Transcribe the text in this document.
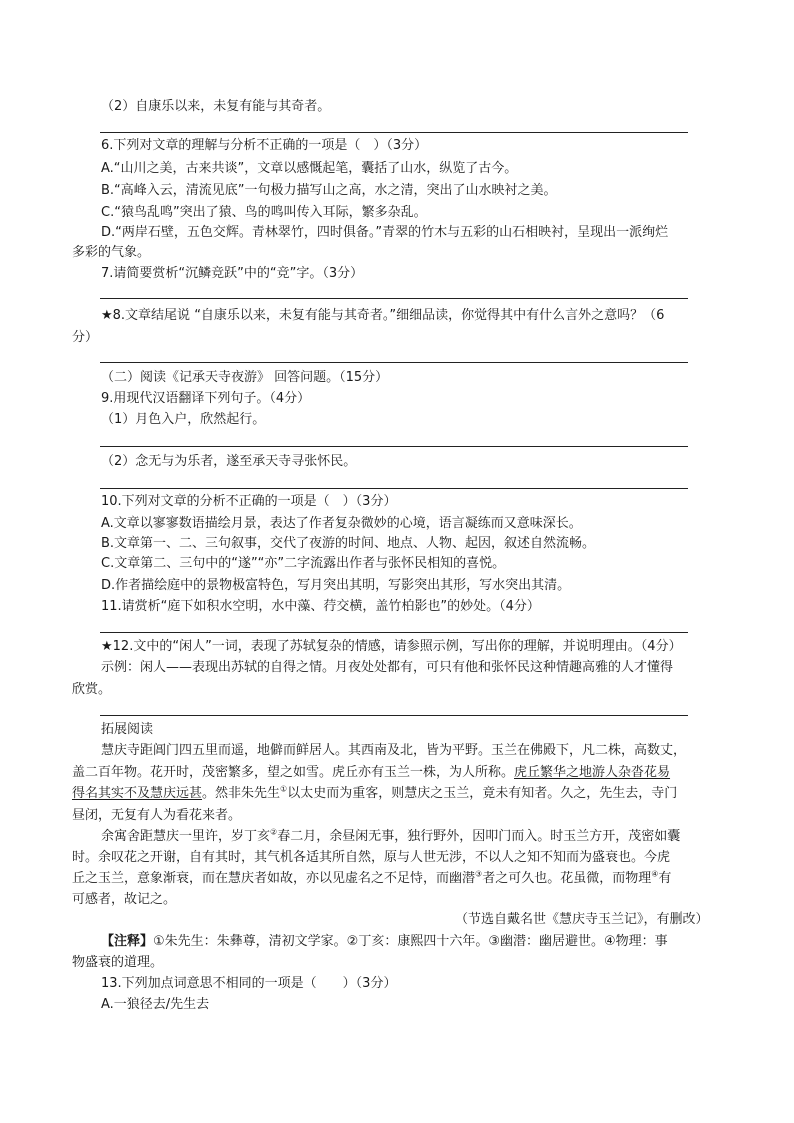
（2）自康乐以来，未复有能与其奇者。
6.下列对文章的理解与分析不正确的一项是（　）（3分）
A.“山川之美，古来共谈”，文章以感慨起笔，囊括了山水，纵览了古今。
B.“高峰入云，清流见底”一句极力描写山之高，水之清，突出了山水映衬之美。
C.“猿鸟乱鸣”突出了猿、鸟的鸣叫传入耳际，繁多杂乱。
D.“两岸石壁，五色交辉。青林翠竹，四时俱备。”青翠的竹木与五彩的山石相映衬，呈现出一派绚烂
多彩的气象。
7.请简要赏析“沉鳞竞跃”中的“竞”字。（3分）
★8.文章结尾说 “自康乐以来，未复有能与其奇者。”细细品读，你觉得其中有什么言外之意吗？（6
分）
（二）阅读《记承天寺夜游》 回答问题。（15分）
9.用现代汉语翻译下列句子。（4分）
（1）月色入户，欣然起行。
（2）念无与为乐者，遂至承天寺寻张怀民。
10.下列对文章的分析不正确的一项是（　）（3分）
A.文章以寥寥数语描绘月景，表达了作者复杂微妙的心境，语言凝练而又意味深长。
B.文章第一、二、三句叙事，交代了夜游的时间、地点、人物、起因，叙述自然流畅。
C.文章第二、三句中的“遂”“亦”二字流露出作者与张怀民相知的喜悦。
D.作者描绘庭中的景物极富特色，写月突出其明，写影突出其形，写水突出其清。
11.请赏析“庭下如积水空明，水中藻、荇交横，盖竹柏影也”的妙处。（4分）
★12.文中的“闲人”一词，表现了苏轼复杂的情感，请参照示例，写出你的理解，并说明理由。（4分）
示例：闲人——表现出苏轼的自得之情。月夜处处都有，可只有他和张怀民这种情趣高雅的人才懂得
欣赏。
拓展阅读
慧庆寺距阊门四五里而遥，地僻而鲜居人。其西南及北，皆为平野。玉兰在佛殿下，凡二株，高数丈，
盖二百年物。花开时，茂密繁多，望之如雪。虎丘亦有玉兰一株，为人所称。虎丘繁华之地游人杂沓花易
得名其实不及慧庆远甚。然非朱先生①以太史而为重客，则慧庆之玉兰，竟未有知者。久之，先生去，寺门
昼闭，无复有人为看花来者。
余寓舍距慧庆一里许，岁丁亥②春二月，余昼闲无事，独行野外，因叩门而入。时玉兰方开，茂密如囊
时。余叹花之开谢，自有其时，其气机各适其所自然，原与人世无涉，不以人之知不知而为盛衰也。今虎
丘之玉兰，意象渐衰，而在慧庆者如故，亦以见虚名之不足恃，而幽潜③者之可久也。花虽微，而物理④有
可感者，故记之。
（节选自戴名世《慧庆寺玉兰记》，有删改）
【注释】①朱先生：朱彝尊，清初文学家。②丁亥：康熙四十六年。③幽潜：幽居避世。④物理：事
物盛衰的道理。
13.下列加点词意思不相同的一项是（　　）（3分）
A.一狼径去/先生去
